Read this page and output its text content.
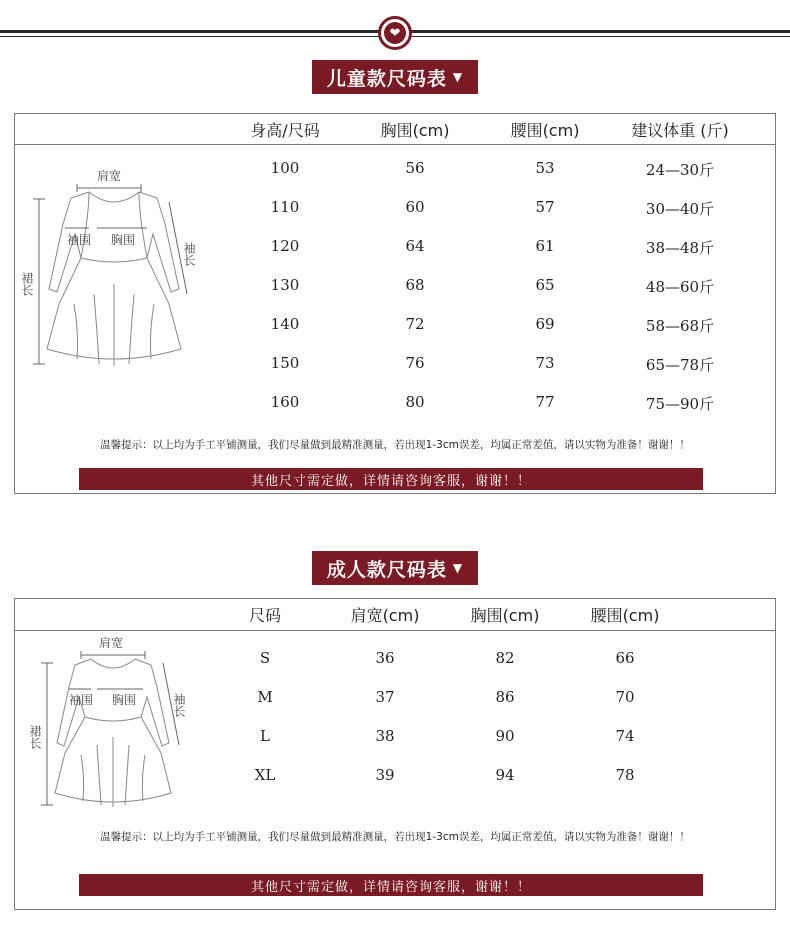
❤
儿童款尺码表 ▼
身高/尺码	胸围(cm)	腰围(cm)	建议体重 (斤)
100	56	53	24—30斤
110	60	57	30—40斤
120	64	61	38—48斤
130	68	65	48—60斤
140	72	69	58—68斤
150	76	73	65—78斤
160	80	77	75—90斤
温馨提示：以上均为手工平铺测量，我们尽量做到最精准测量，若出现1-3cm误差，均属正常差值，请以实物为准备！谢谢！！
其他尺寸需定做，详情请咨询客服，谢谢！！
肩宽
袖围 胸围
袖长
裙长
成人款尺码表 ▼
尺码	肩宽(cm)	胸围(cm)	腰围(cm)
S	36	82	66
M	37	86	70
L	38	90	74
XL	39	94	78
温馨提示：以上均为手工平铺测量，我们尽量做到最精准测量，若出现1-3cm误差，均属正常差值，请以实物为准备！谢谢！！
其他尺寸需定做，详情请咨询客服，谢谢！！
肩宽
袖围 胸围	袖长
裙长
